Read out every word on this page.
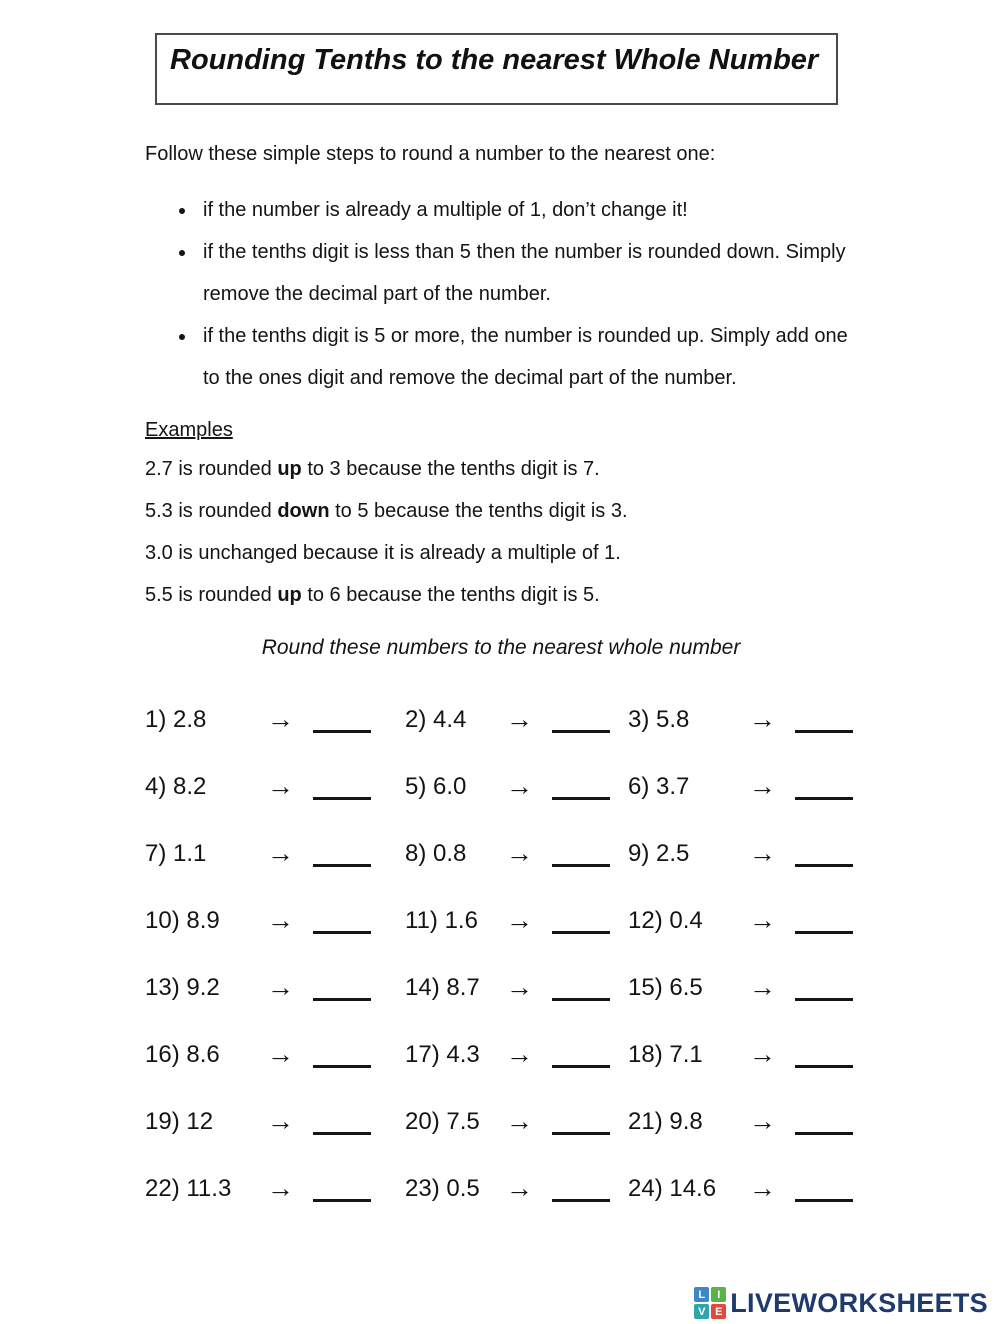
Rounding Tenths to the nearest Whole Number

Follow these simple steps to round a number to the nearest one:

• if the number is already a multiple of 1, don’t change it!
• if the tenths digit is less than 5 then the number is rounded down. Simply remove the decimal part of the number.
• if the tenths digit is 5 or more, the number is rounded up. Simply add one to the ones digit and remove the decimal part of the number.
Examples
2.7 is rounded up to 3 because the tenths digit is 7.
5.3 is rounded down to 5 because the tenths digit is 3.
3.0 is unchanged because it is already a multiple of 1.
5.5 is rounded up to 6 because the tenths digit is 5.
Round these numbers to the nearest whole number
1) 2.8	→	2) 4.4	→	3) 5.8	→
4) 8.2	→	5) 6.0	→	6) 3.7	→
7) 1.1	→	8) 0.8	→	9) 2.5	→
10) 8.9	→	11) 1.6	→	12) 0.4	→
13) 9.2	→	14) 8.7 →	15) 6.5	→
16) 8.6	→	17) 4.3 →	18) 7.1	→
19) 12	→	20) 7.5 →	21) 9.8	→
22) 11.3	→	23) 0.5 →	24) 14.6	→
L	I
V E LIVEWORKSHEETS
